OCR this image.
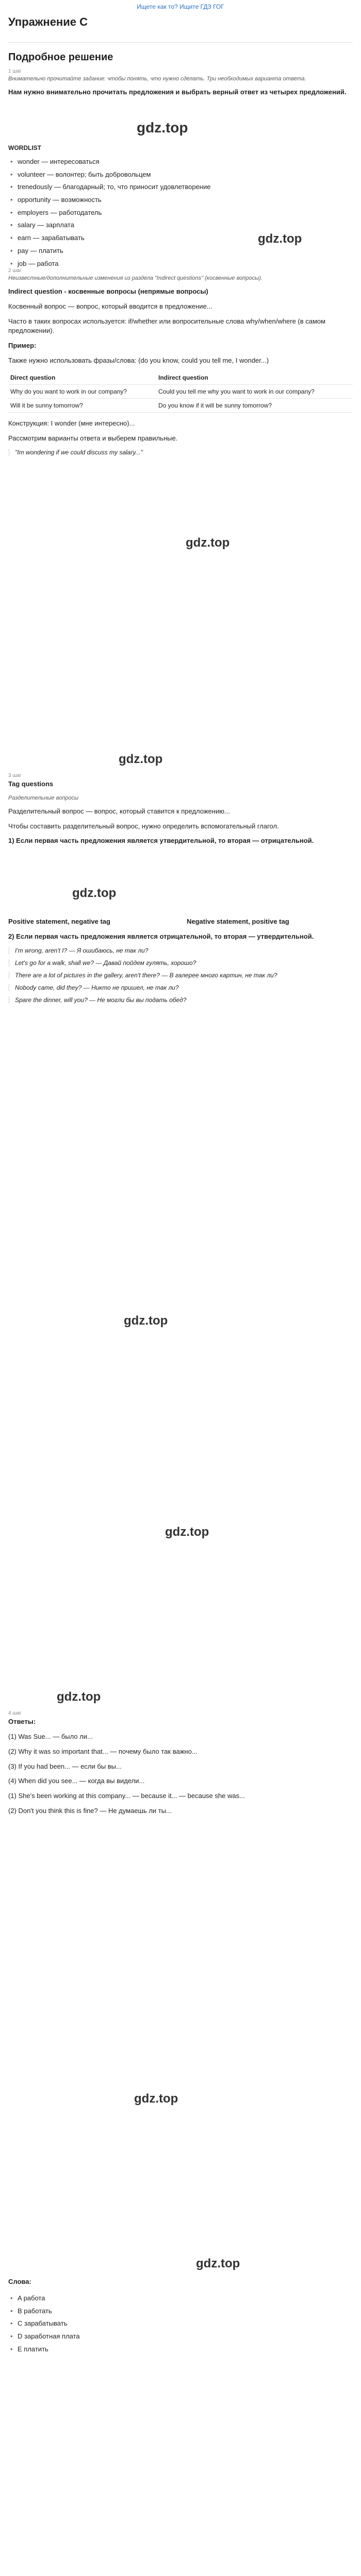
Ищете как то? Ищите ГДЗ ГОГ
Упражнение C
Подробное решение
1 шаг

Внимательно прочитайте задание: чтобы понять, что нужно сделать. Три необходимых варианта ответа.

Нам нужно внимательно прочитать предложения и выбрать верный ответ из четырех предложений.

gdz.top
WORDLIST
• wonder — интересоваться
• volunteer — волонтер; быть добровольцем
• trenedously — благодарный; то, что приносит удовлетворение
• opportunity — возможность
• employers — работодатель
• salary — зарплата
• earn — зарабатывать
• pay — платить
• job — работа
gdz.top
2 шаг

Неизвестные/дополнительные изменения из раздела "Indirect questions" (косвенные вопросы).

Indirect question - косвенные вопросы (непрямые вопросы)

Косвенный вопрос — вопрос, который вводится в предложение...

Часто в таких вопросах используется: if/whether или вопросительные слова why/when/where (в самом предложении).

Пример:

Также нужно использовать фразы/слова: (do you know, could you tell me, I wonder...)

Direct question	Indirect question
Why do you want to work in our company?	Could you tell me why you want to work in our company?
Will it be sunny tomorrow?	Do you know if it will be sunny tomorrow?

Конструкция: I wonder (мне интересно)...

Рассмотрим варианты ответа и выберем правильные.

"Im wondering if we could discuss my salary..."
gdz.top
gdz.top
3 шаг

Tag questions

Разделительные вопросы

Разделительный вопрос — вопрос, который ставится к предложению...

Чтобы составить разделительный вопрос, нужно определить вспомогательный глагол.

1) Если первая часть предложения является утвердительной, то вторая — отрицательной.

gdz.top

Positive statement, negative tag	Negative statement, positive tag

2) Если первая часть предложения является отрицательной, то вторая — утвердительной.

I'm wrong, aren't I? — Я ошибаюсь, не так ли?
Let's go for a walk, shall we? — Давай пойдем гулять, хорошо?
There are a lot of pictures in the gallery, aren't there? — В галерее много картин, не так ли?
Nobody came, did they? — Никто не пришел, не так ли?
Spare the dinner, will you? — Не могли бы вы подать обед?
gdz.top
gdz.top
gdz.top
4 шаг

Ответы:

(1) Was Sue... — было ли...

(2) Why it was so important that... — почему было так важно...

(3) If you had been... — если бы вы...

(4) When did you see... — когда вы видели...

(1) She's been working at this company... — because it... — because she was...

(2) Don't you think this is fine? — Не думаешь ли ты...

gdz.top
gdz.top

Слова:

• A работа
• B работать
• C зарабатывать
• D заработная плата
• E платить
